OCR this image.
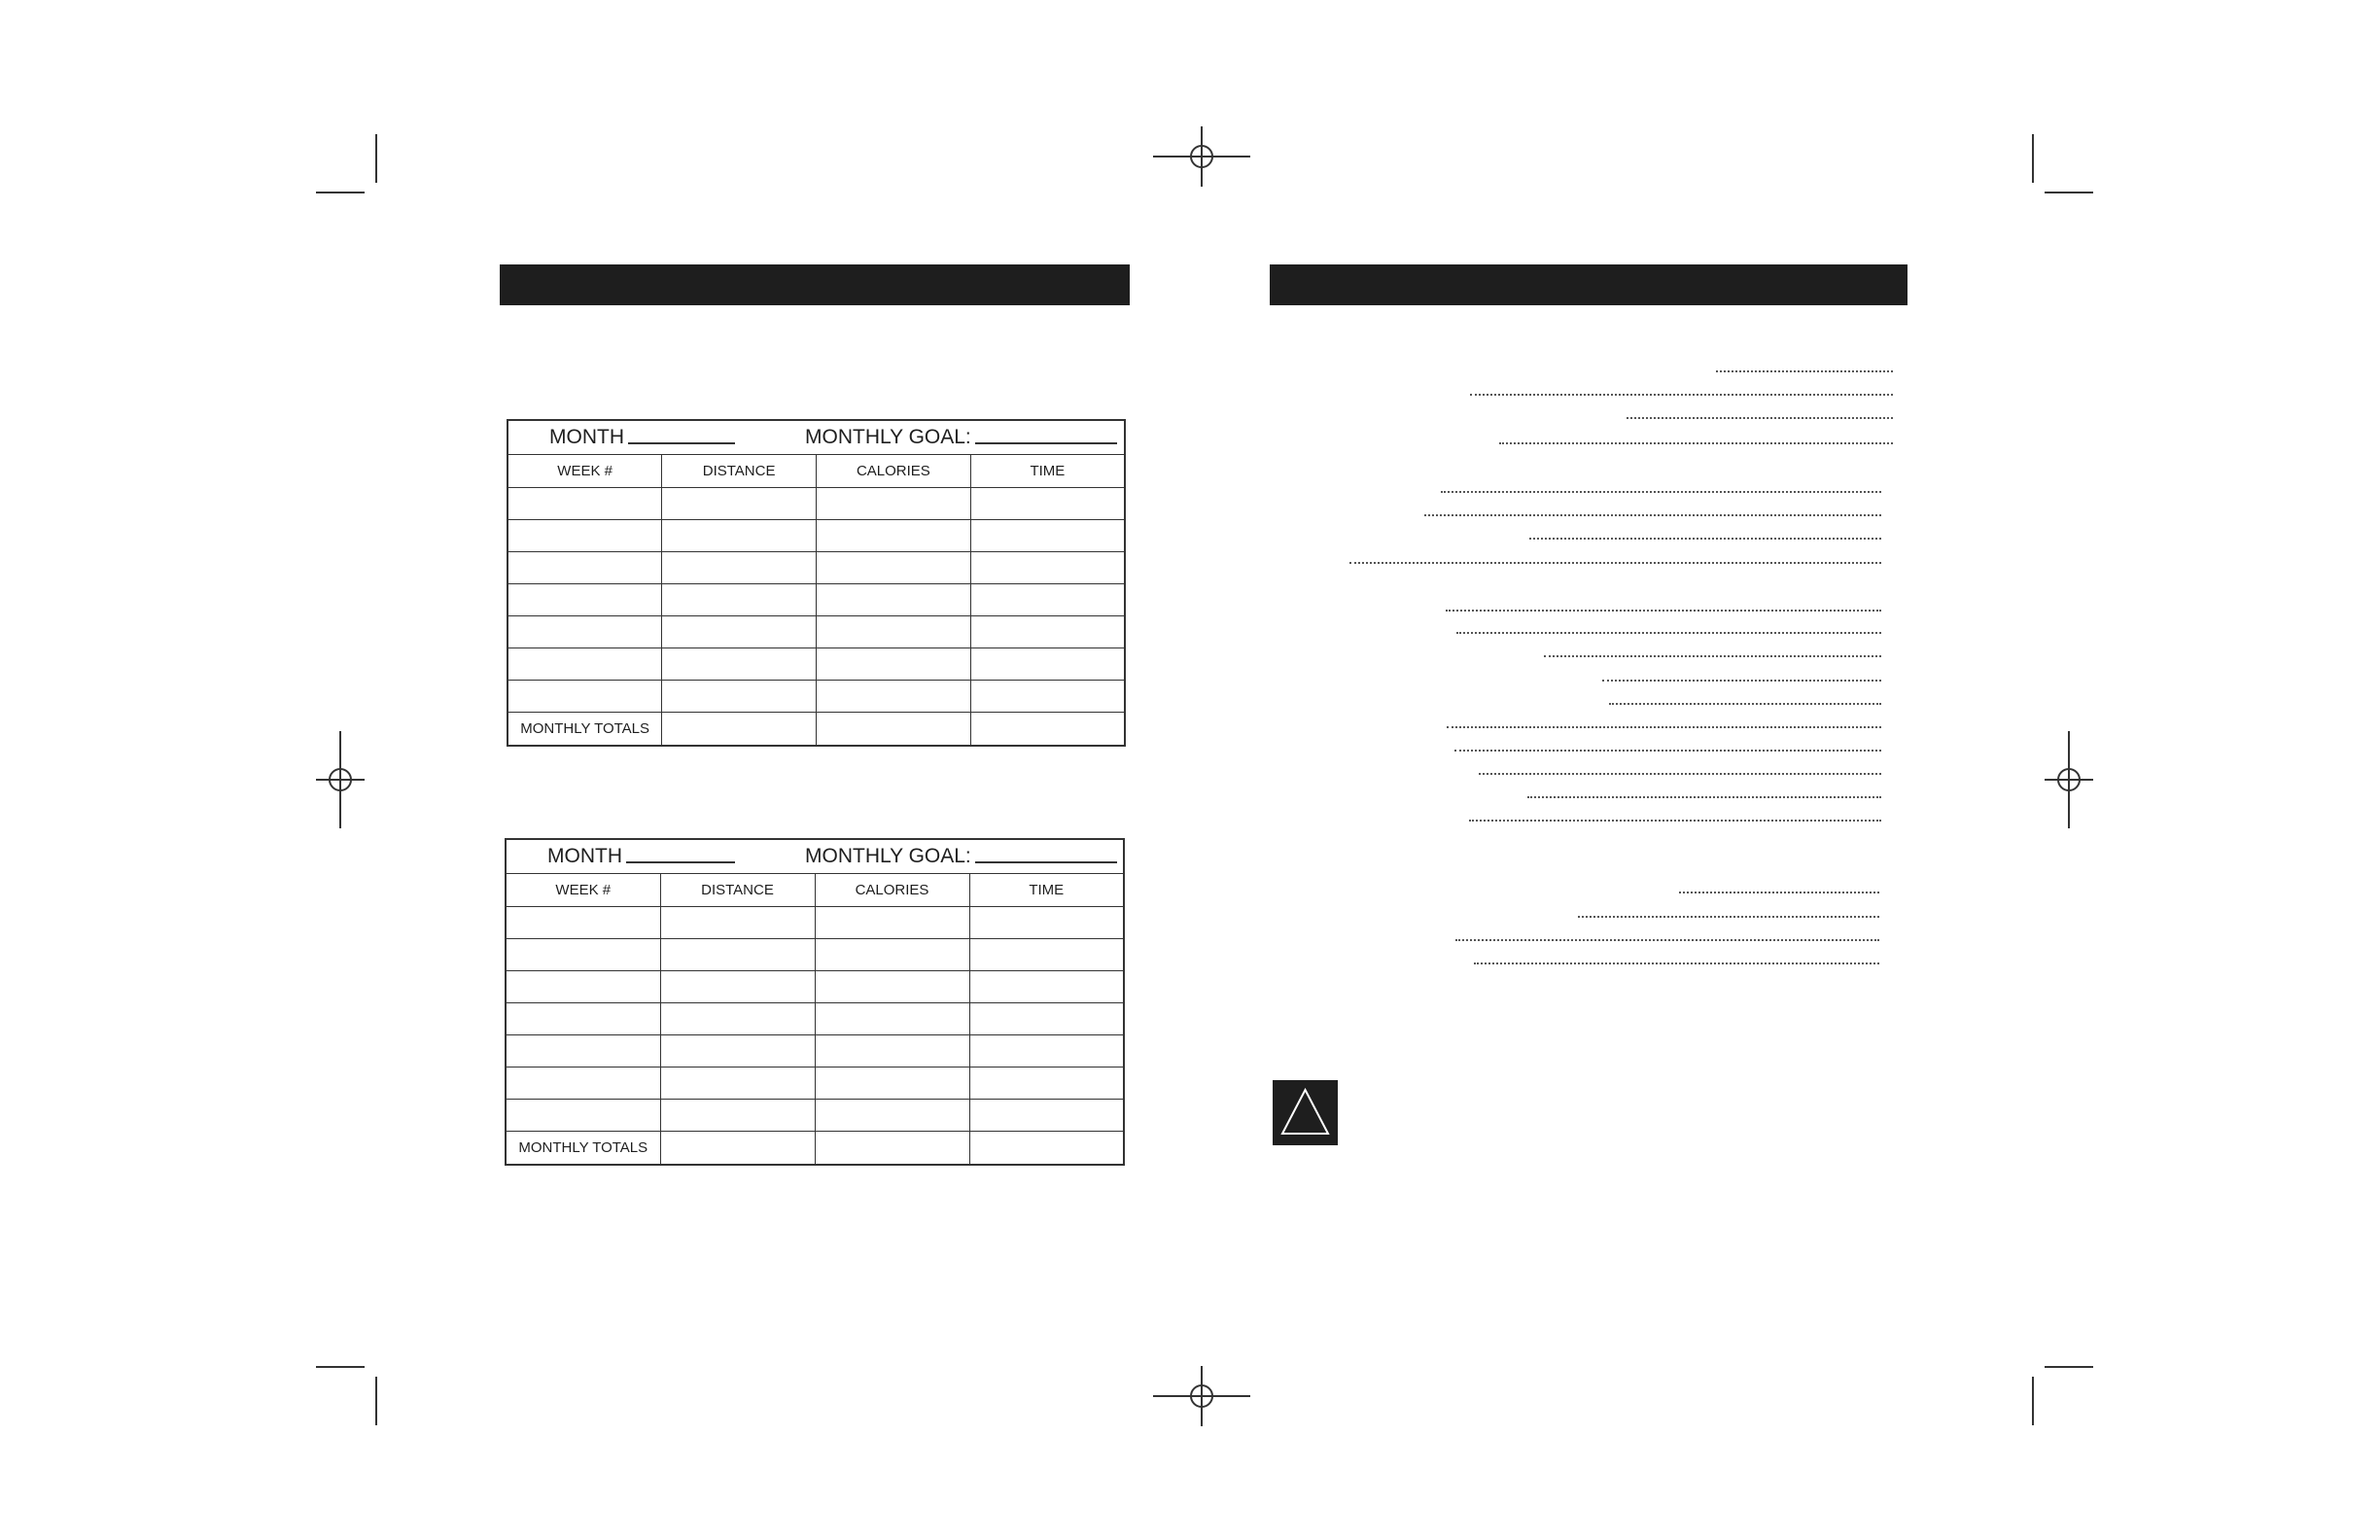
MONTH MONTHLY GOAL:			

WEEK #	DISTANCE	CALORIES	TIME

MONTHLY TOTALS			
MONTH MONTHLY GOAL:			

WEEK #	DISTANCE	CALORIES	TIME

MONTHLY TOTALS			
